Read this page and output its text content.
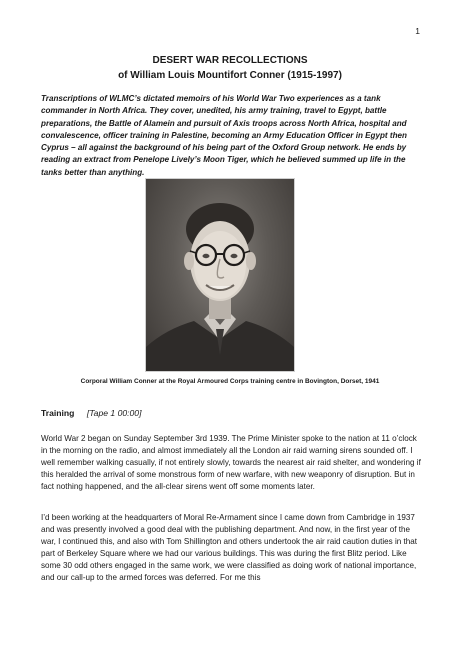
1
DESERT WAR RECOLLECTIONS
of William Louis Mountifort Conner (1915-1997)

Transcriptions of WLMC’s dictated memoirs of his World War Two experiences as a tank commander in North Africa. They cover, unedited, his army training, travel to Egypt, battle preparations, the Battle of Alamein and pursuit of Axis troops across North Africa, hospital and convalescence, officer training in Palestine, becoming an Army Education Officer in Egypt then Cyprus – all against the background of his being part of the Oxford Group network. He ends by reading an extract from Penelope Lively’s Moon Tiger, which he believed summed up life in the tanks better than anything.

Corporal William Conner at the Royal Armoured Corps training centre in Bovington, Dorset, 1941
Training [Tape 1 00:00]

World War 2 began on Sunday September 3rd 1939. The Prime Minister spoke to the nation at 11 o’clock in the morning on the radio, and almost immediately all the London air raid warning sirens sounded off. I well remember walking casually, if not entirely slowly, towards the nearest air raid shelter, and wondering if this heralded the arrival of some monstrous form of new warfare, with new weaponry of disruption. But in fact nothing happened, and the all-clear sirens went off some moments later.

I’d been working at the headquarters of Moral Re-Armament since I came down from Cambridge in 1937 and was presently involved a good deal with the publishing department. And now, in the first year of the war, I continued this, and also with Tom Shillington and others undertook the air raid caution duties in that part of Berkeley Square where we had our various buildings. This was during the first Blitz period. Like some 30 odd others engaged in the same work, we were classified as doing work of national importance, and our call-up to the armed forces was deferred. For me this
